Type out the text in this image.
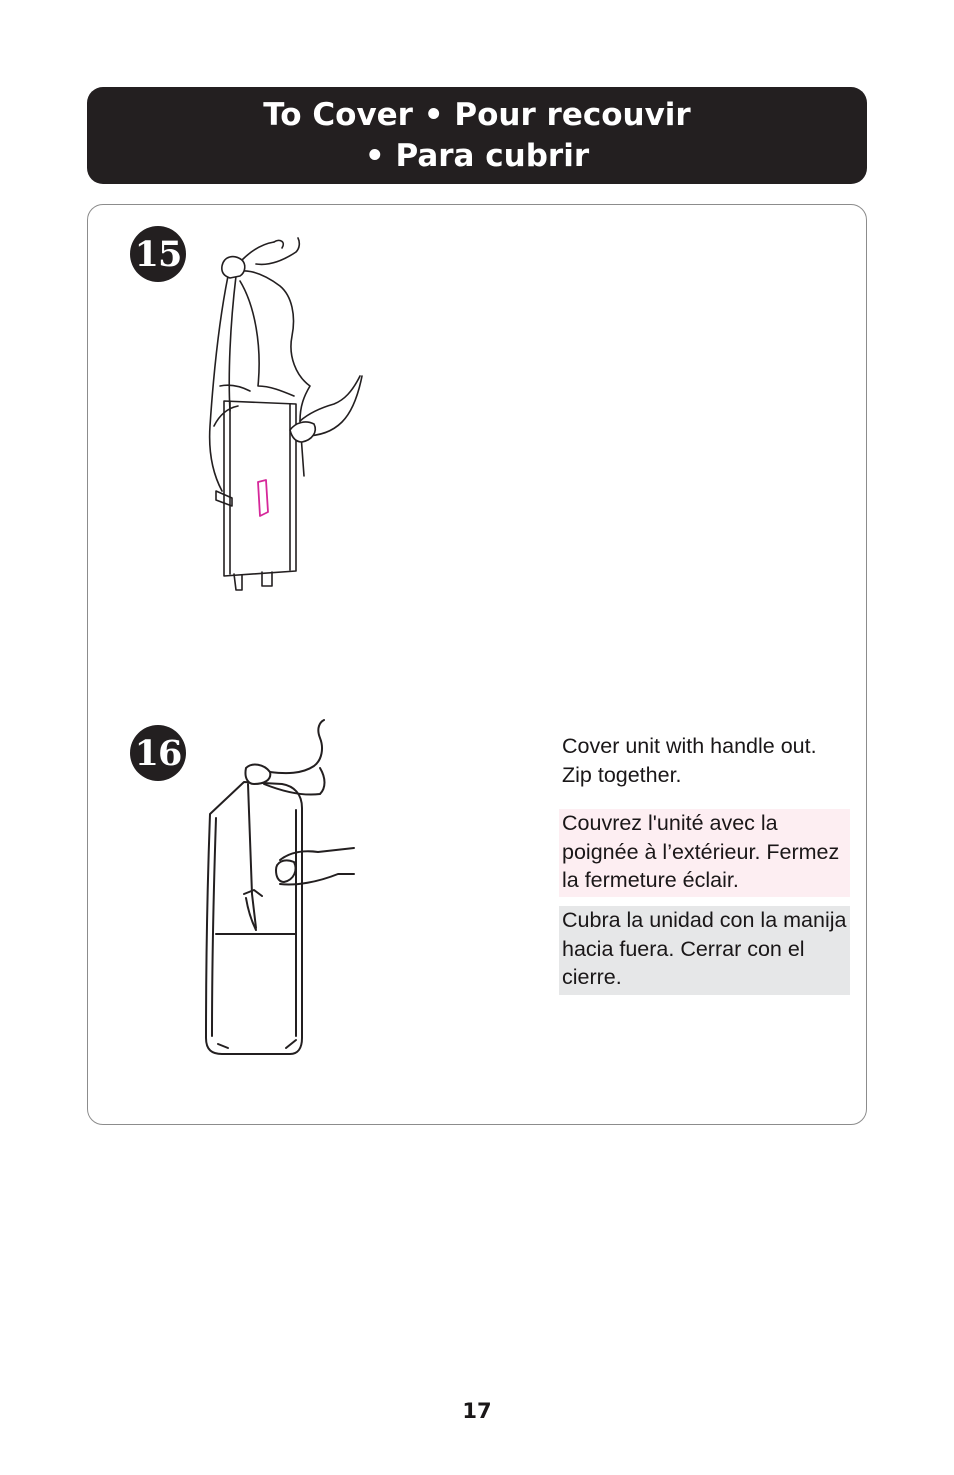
To Cover • Pour recouvir
• Para cubrir
15
16	Cover unit with handle out. Zip together.
Couvrez l'unité avec la poignée à l’extérieur. Fermez la fermeture éclair.
Cubra la unidad con la manija hacia fuera. Cerrar con el cierre.
17
